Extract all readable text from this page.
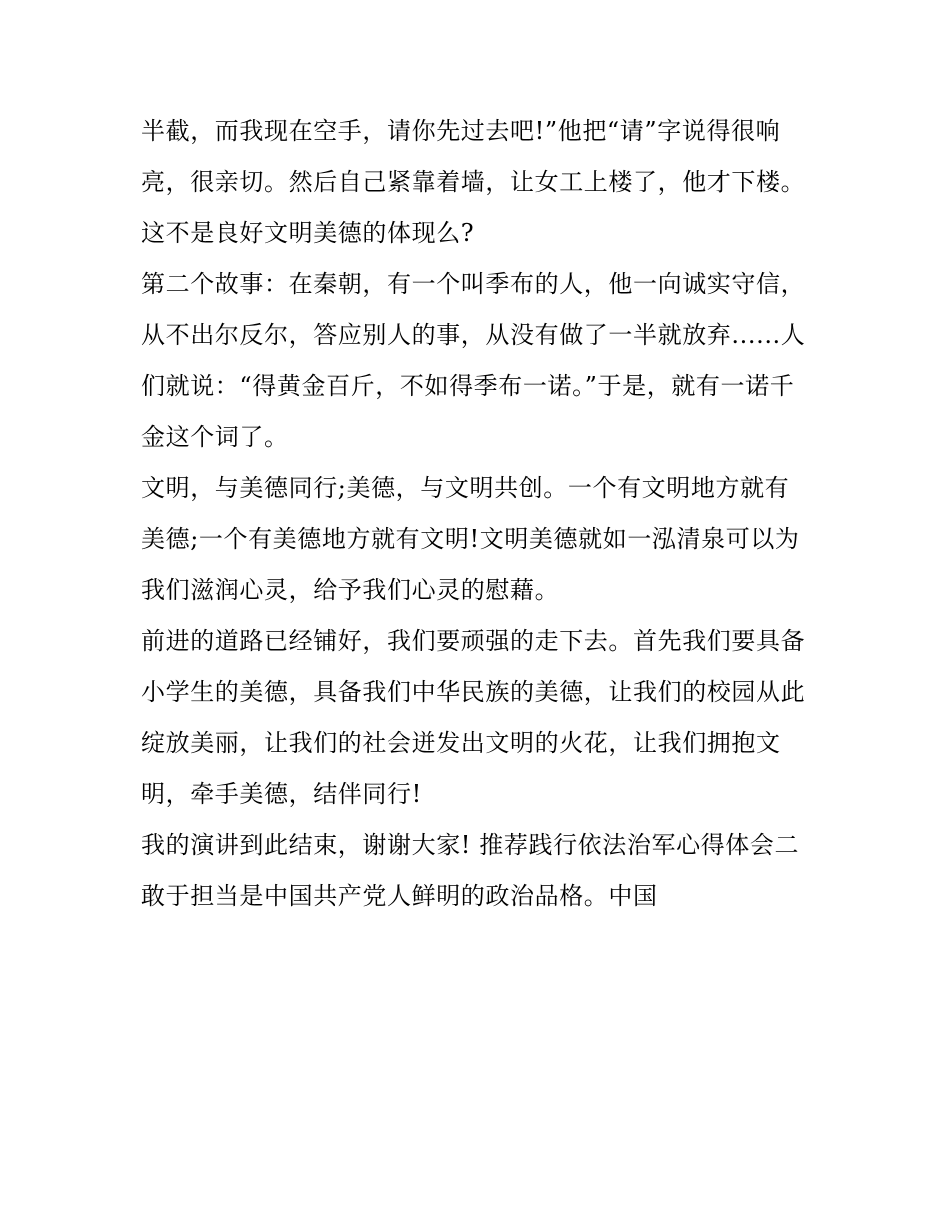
半截，而我现在空手，请你先过去吧!”他把“请”字说得很响
亮，很亲切。然后自己紧靠着墙，让女工上楼了，他才下楼。
这不是良好文明美德的体现么?
第二个故事：在秦朝，有一个叫季布的人，他一向诚实守信，
从不出尔反尔，答应别人的事，从没有做了一半就放弃......人
们就说：“得黄金百斤，不如得季布一诺。”于是，就有一诺千
金这个词了。
文明，与美德同行;美德，与文明共创。一个有文明地方就有
美德;一个有美德地方就有文明!文明美德就如一泓清泉可以为
我们滋润心灵，给予我们心灵的慰藉。
前进的道路已经铺好，我们要顽强的走下去。首先我们要具备
小学生的美德，具备我们中华民族的美德，让我们的校园从此
绽放美丽，让我们的社会迸发出文明的火花，让我们拥抱文
明，牵手美德，结伴同行!
我的演讲到此结束，谢谢大家! 推荐践行依法治军心得体会二
敢于担当是中国共产党人鲜明的政治品格。中国
